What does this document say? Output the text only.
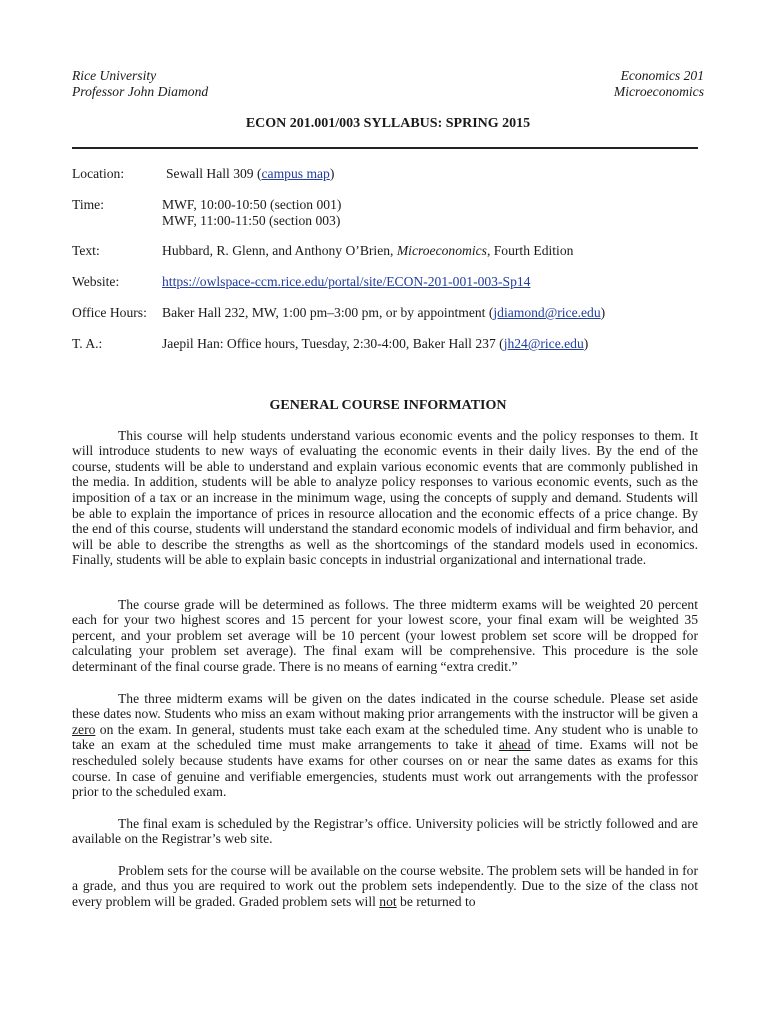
Rice University
Professor John Diamond
Economics 201
Microeconomics
ECON 201.001/003 SYLLABUS: SPRING 2015
Location:	Sewall Hall 309 (campus map)
Time:	MWF, 10:00-10:50 (section 001)
MWF, 11:00-11:50 (section 003)
Text:	Hubbard, R. Glenn, and Anthony O’Brien, Microeconomics, Fourth Edition
Website:	https://owlspace-ccm.rice.edu/portal/site/ECON-201-001-003-Sp14
Office Hours: Baker Hall 232, MW, 1:00 pm–3:00 pm, or by appointment (jdiamond@rice.edu)
T. A.:	Jaepil Han: Office hours, Tuesday, 2:30-4:00, Baker Hall 237 (jh24@rice.edu)
GENERAL COURSE INFORMATION

This course will help students understand various economic events and the policy responses to them. It will introduce students to new ways of evaluating the economic events in their daily lives. By the end of the course, students will be able to understand and explain various economic events that are commonly published in the media. In addition, students will be able to analyze policy responses to various economic events, such as the imposition of a tax or an increase in the minimum wage, using the concepts of supply and demand. Students will be able to explain the importance of prices in resource allocation and the economic effects of a price change. By the end of this course, students will understand the standard economic models of individual and firm behavior, and will be able to describe the strengths as well as the shortcomings of the standard models used in economics. Finally, students will be able to explain basic concepts in industrial organizational and international trade.

The course grade will be determined as follows. The three midterm exams will be weighted 20 percent each for your two highest scores and 15 percent for your lowest score, your final exam will be weighted 35 percent, and your problem set average will be 10 percent (your lowest problem set score will be dropped for calculating your problem set average). The final exam will be comprehensive. This procedure is the sole determinant of the final course grade. There is no means of earning “extra credit.”

The three midterm exams will be given on the dates indicated in the course schedule. Please set aside these dates now. Students who miss an exam without making prior arrangements with the instructor will be given a zero on the exam. In general, students must take each exam at the scheduled time. Any student who is unable to take an exam at the scheduled time must make arrangements to take it ahead of time. Exams will not be rescheduled solely because students have exams for other courses on or near the same dates as exams for this course. In case of genuine and verifiable emergencies, students must work out arrangements with the professor prior to the scheduled exam.

The final exam is scheduled by the Registrar’s office. University policies will be strictly followed and are available on the Registrar’s web site.

Problem sets for the course will be available on the course website. The problem sets will be handed in for a grade, and thus you are required to work out the problem sets independently. Due to the size of the class not every problem will be graded. Graded problem sets will not be returned to
